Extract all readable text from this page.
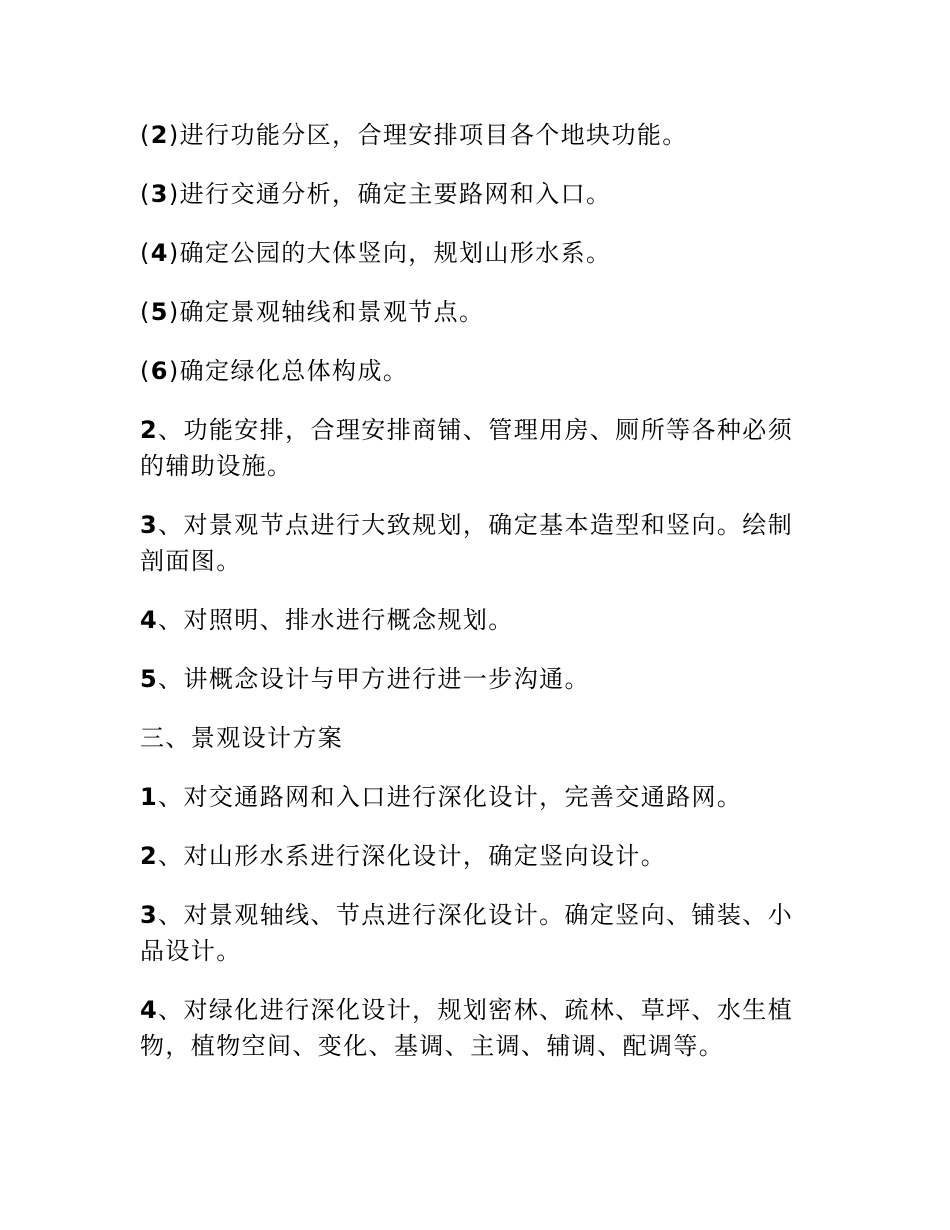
(2)进行功能分区，合理安排项目各个地块功能。

(3)进行交通分析，确定主要路网和入口。

(4)确定公园的大体竖向，规划山形水系。

(5)确定景观轴线和景观节点。

(6)确定绿化总体构成。

2、功能安排，合理安排商铺、管理用房、厕所等各种必须的辅助设施。

3、对景观节点进行大致规划，确定基本造型和竖向。绘制剖面图。

4、对照明、排水进行概念规划。

5、讲概念设计与甲方进行进一步沟通。

三、景观设计方案

1、对交通路网和入口进行深化设计，完善交通路网。

2、对山形水系进行深化设计，确定竖向设计。

3、对景观轴线、节点进行深化设计。确定竖向、铺装、小品设计。

4、对绿化进行深化设计，规划密林、疏林、草坪、水生植物，植物空间、变化、基调、主调、辅调、配调等。
